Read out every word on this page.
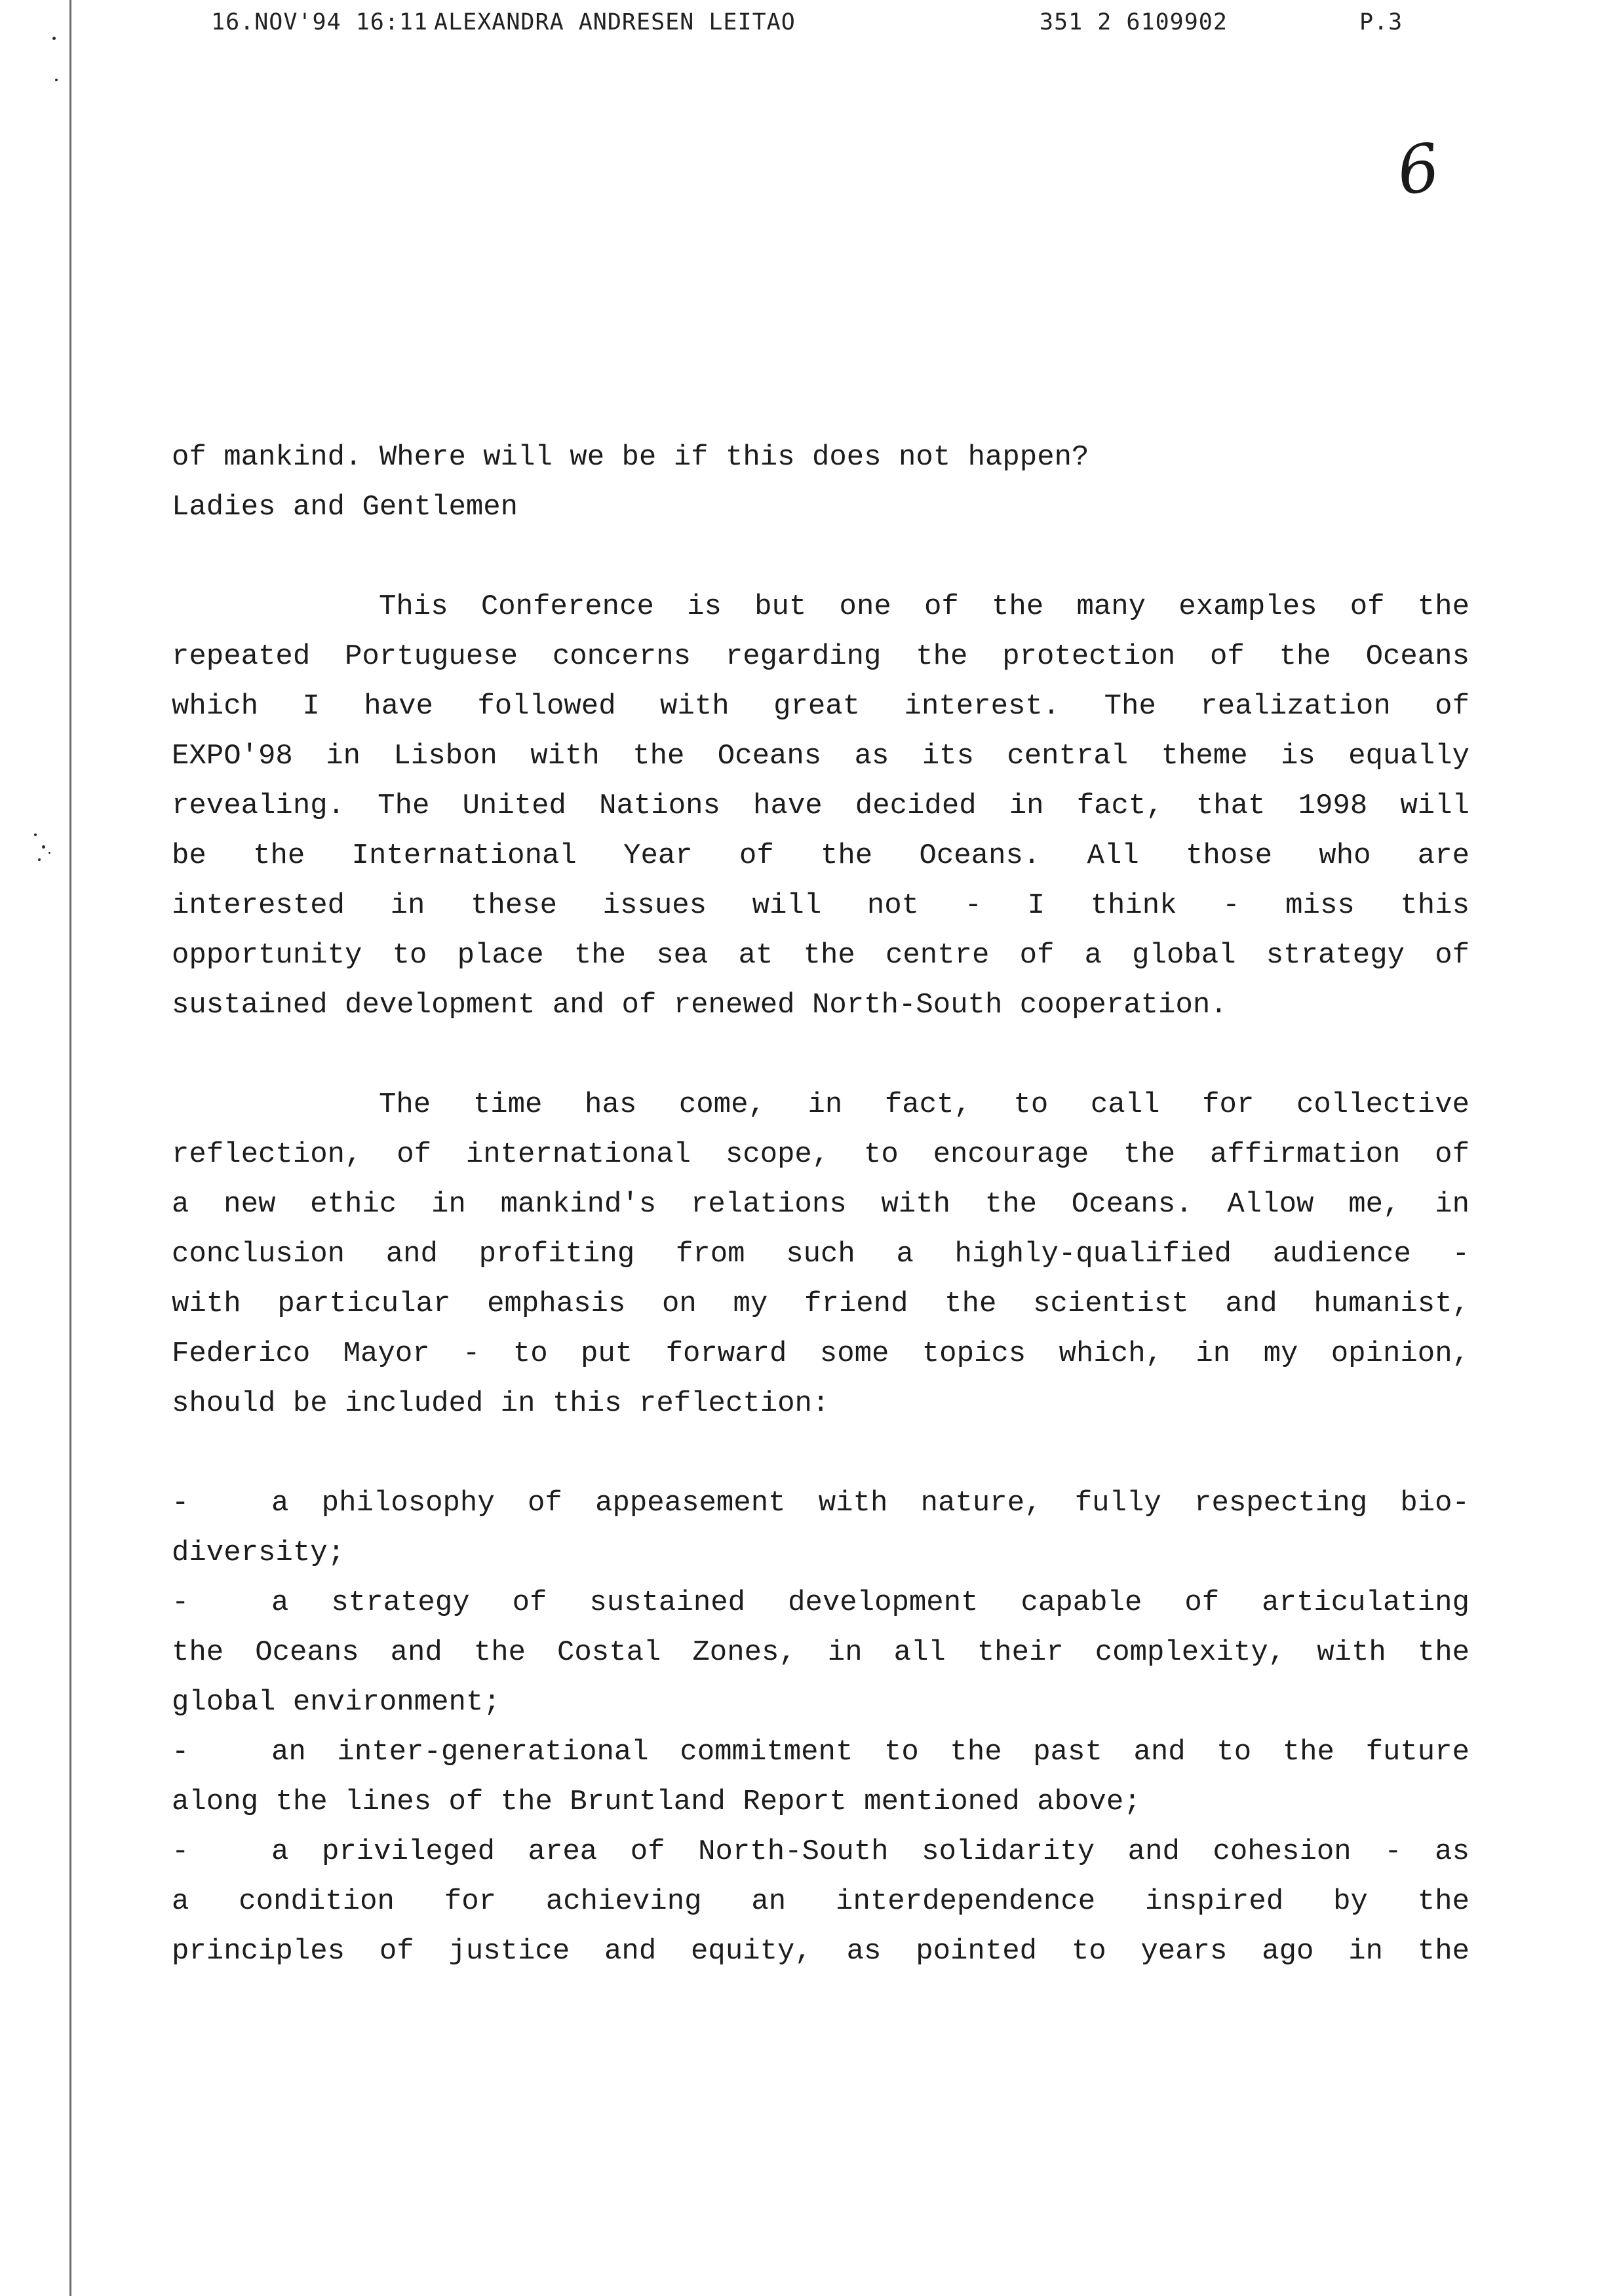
16.NOV'94 16:11 ALEXANDRA ANDRESEN LEITAO	351 2 6109902	P.3
6
of mankind. Where will we be if this does not happen?
Ladies and Gentlemen
This Conference is but one of the many examples of the
repeated Portuguese concerns regarding the protection of the Oceans
which I have followed with great interest. The realization of
EXPO'98 in Lisbon with the Oceans as its central theme is equally
revealing. The United Nations have decided in fact, that 1998 will
be the International Year of the Oceans. All those who are
interested in these issues will not - I think - miss this
opportunity to place the sea at the centre of a global strategy of
sustained development and of renewed North-South cooperation.
The time has come, in fact, to call for collective
reflection, of international scope, to encourage the affirmation of
a new ethic in mankind's relations with the Oceans. Allow me, in
conclusion and profiting from such a highly-qualified audience -
with particular emphasis on my friend the scientist and humanist,
Federico Mayor - to put forward some topics which, in my opinion,
should be included in this reflection:
-	a philosophy of appeasement with nature, fully respecting bio-
diversity;
-	a strategy of sustained development capable of articulating
the Oceans and the Costal Zones, in all their complexity, with the
global environment;
-	an inter-generational commitment to the past and to the future
along the lines of the Bruntland Report mentioned above;
-	a privileged area of North-South solidarity and cohesion - as
a condition for achieving an interdependence inspired by the
principles of justice and equity, as pointed to years ago in the
